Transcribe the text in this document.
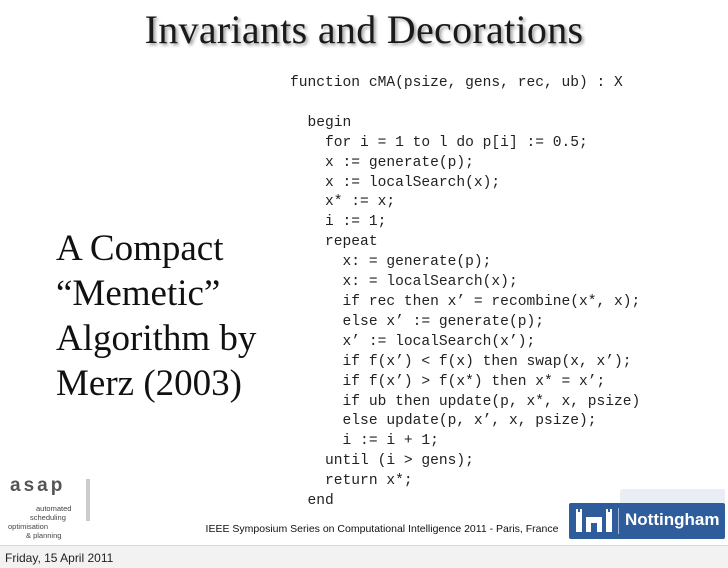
Invariants and Decorations
A Compact
“Memetic”
Algorithm by
Merz (2003)
function cMA(psize, gens, rec, ub) : X

begin
for i = 1 to l do p[i] := 0.5;
x := generate(p);
x := localSearch(x);
x* := x;
i := 1;
repeat
x: = generate(p);
x: = localSearch(x);
if rec then x’ = recombine(x*, x);
else x’ := generate(p);
x’ := localSearch(x’);
if f(x’) < f(x) then swap(x, x’);
if f(x’) > f(x*) then x* = x’;
if ub then update(p, x*, x, psize)
else update(p, x’, x, psize);
i := i + 1;
until (i > gens);
return x*;
end
asap
automated
scheduling
optimisation
& planning
IEEE Symposium Series on Computational Intelligence 2011 - Paris, France	Nottingham
Friday, 15 April 2011
